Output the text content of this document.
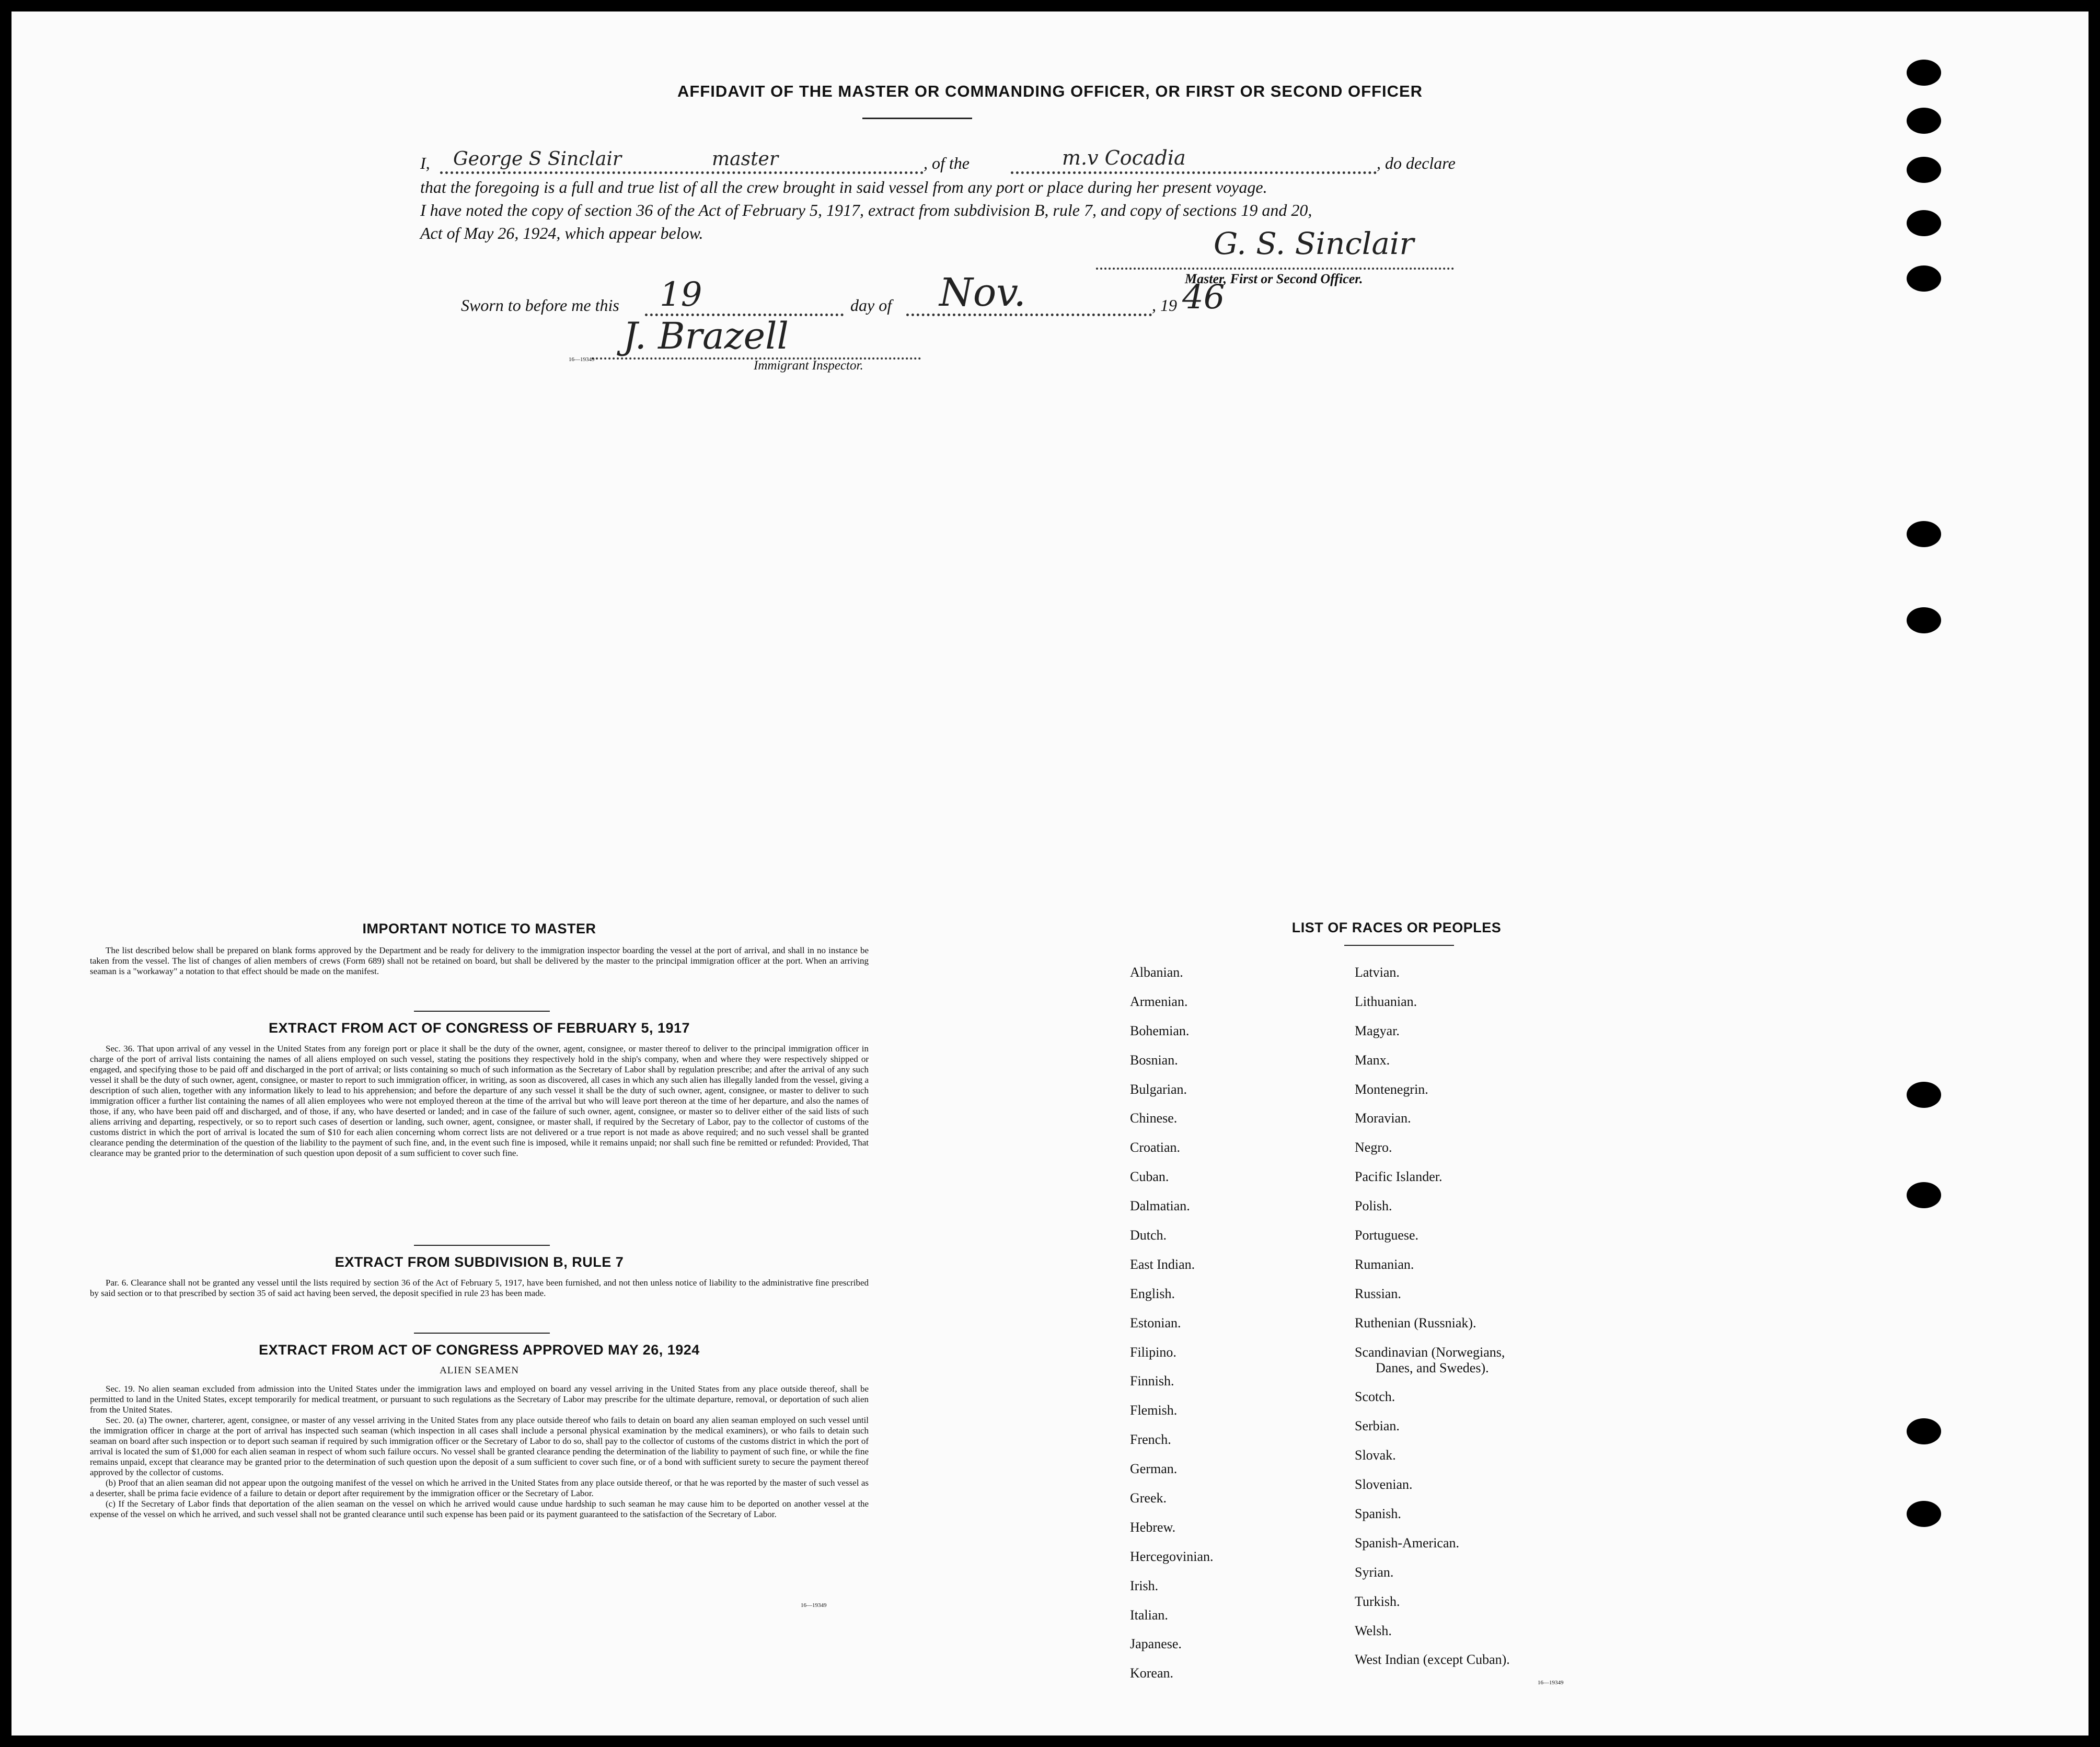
AFFIDAVIT OF THE MASTER OR COMMANDING OFFICER, OR FIRST OR SECOND OFFICER
I, George S Sinclair	master	, of the	m.v Cocadia	, do declare
that the foregoing is a full and true list of all the crew brought in said vessel from any port or place during her present voyage.
I have noted the copy of section 36 of the Act of February 5, 1917, extract from subdivision B, rule 7, and copy of sections 19 and 20,
Act of May 26, 1924, which appear below.	G. S. Sinclair
Master, First or Second Officer.
Sworn to before me this 19	day of Nov.	, 19 46
J. Brazell
16—19349	Immigrant Inspector.
IMPORTANT NOTICE TO MASTER

The list described below shall be prepared on blank forms approved by the Department and be ready for delivery to the immigration inspector boarding the vessel at the port of arrival, and shall in no instance be taken from the vessel. The list of changes of alien members of crews (Form 689) shall not be retained on board, but shall be delivered by the master to the principal immigration officer at the port. When an arriving seaman is a "workaway" a notation to that effect should be made on the manifest.

EXTRACT FROM ACT OF CONGRESS OF FEBRUARY 5, 1917

Sec. 36. That upon arrival of any vessel in the United States from any foreign port or place it shall be the duty of the owner, agent, consignee, or master thereof to deliver to the principal immigration officer in charge of the port of arrival lists containing the names of all aliens employed on such vessel, stating the positions they respectively hold in the ship's company, when and where they were respectively shipped or engaged, and specifying those to be paid off and discharged in the port of arrival; or lists containing so much of such information as the Secretary of Labor shall by regulation prescribe; and after the arrival of any such vessel it shall be the duty of such owner, agent, consignee, or master to report to such immigration officer, in writing, as soon as discovered, all cases in which any such alien has illegally landed from the vessel, giving a description of such alien, together with any information likely to lead to his apprehension; and before the departure of any such vessel it shall be the duty of such owner, agent, consignee, or master to deliver to such immigration officer a further list containing the names of all alien employees who were not employed thereon at the time of the arrival but who will leave port thereon at the time of her departure, and also the names of those, if any, who have been paid off and discharged, and of those, if any, who have deserted or landed; and in case of the failure of such owner, agent, consignee, or master so to deliver either of the said lists of such aliens arriving and departing, respectively, or so to report such cases of desertion or landing, such owner, agent, consignee, or master shall, if required by the Secretary of Labor, pay to the collector of customs of the customs district in which the port of arrival is located the sum of $10 for each alien concerning whom correct lists are not delivered or a true report is not made as above required; and no such vessel shall be granted clearance pending the determination of the question of the liability to the payment of such fine, and, in the event such fine is imposed, while it remains unpaid; nor shall such fine be remitted or refunded: Provided, That clearance may be granted prior to the determination of such question upon deposit of a sum sufficient to cover such fine.

EXTRACT FROM SUBDIVISION B, RULE 7

Par. 6. Clearance shall not be granted any vessel until the lists required by section 36 of the Act of February 5, 1917, have been furnished, and not then unless notice of liability to the administrative fine prescribed by said section or to that prescribed by section 35 of said act having been served, the deposit specified in rule 23 has been made.

EXTRACT FROM ACT OF CONGRESS APPROVED MAY 26, 1924
ALIEN SEAMEN

Sec. 19. No alien seaman excluded from admission into the United States under the immigration laws and employed on board any vessel arriving in the United States from any place outside thereof, shall be permitted to land in the United States, except temporarily for medical treatment, or pursuant to such regulations as the Secretary of Labor may prescribe for the ultimate departure, removal, or deportation of such alien from the United States.

Sec. 20. (a) The owner, charterer, agent, consignee, or master of any vessel arriving in the United States from any place outside thereof who fails to detain on board any alien seaman employed on such vessel until the immigration officer in charge at the port of arrival has inspected such seaman (which inspection in all cases shall include a personal physical examination by the medical examiners), or who fails to detain such seaman on board after such inspection or to deport such seaman if required by such immigration officer or the Secretary of Labor to do so, shall pay to the collector of customs of the customs district in which the port of arrival is located the sum of $1,000 for each alien seaman in respect of whom such failure occurs. No vessel shall be granted clearance pending the determination of the liability to payment of such fine, or while the fine remains unpaid, except that clearance may be granted prior to the determination of such question upon the deposit of a sum sufficient to cover such fine, or of a bond with sufficient surety to secure the payment thereof approved by the collector of customs.

(b) Proof that an alien seaman did not appear upon the outgoing manifest of the vessel on which he arrived in the United States from any place outside thereof, or that he was reported by the master of such vessel as a deserter, shall be prima facie evidence of a failure to detain or deport after requirement by the immigration officer or the Secretary of Labor.

(c) If the Secretary of Labor finds that deportation of the alien seaman on the vessel on which he arrived would cause undue hardship to such seaman he may cause him to be deported on another vessel at the expense of the vessel on which he arrived, and such vessel shall not be granted clearance until such expense has been paid or its payment guaranteed to the satisfaction of the Secretary of Labor.

16—19349
LIST OF RACES OR PEOPLES
Albanian.
Armenian.
Bohemian.
Bosnian.
Bulgarian.
Chinese.
Croatian.
Cuban.
Dalmatian.
Dutch.
East Indian.
English.
Estonian.
Filipino.
Finnish.
Flemish.
French.
German.
Greek.
Hebrew.
Hercegovinian.
Irish.
Italian.
Japanese.
Korean.
Latvian.
Lithuanian.
Magyar.
Manx.
Montenegrin.
Moravian.
Negro.
Pacific Islander.
Polish.
Portuguese.
Rumanian.
Russian.
Ruthenian (Russniak).
Scandinavian (Norwegians,
Danes, and Swedes).
Scotch.
Serbian.
Slovak.
Slovenian.
Spanish.
Spanish-American.
Syrian.
Turkish.
Welsh.
West Indian (except Cuban).
16—19349
